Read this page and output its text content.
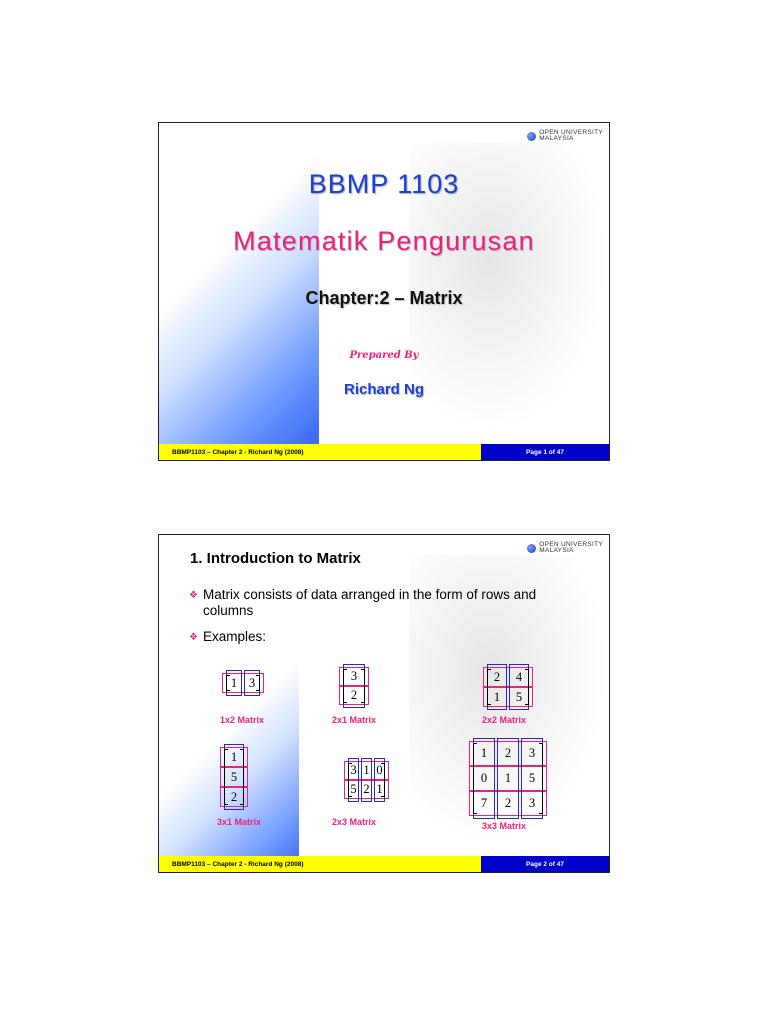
OPEN UNIVERSITY
MALAYSIA
BBMP 1103
Matematik Pengurusan
Chapter:2 – Matrix
Prepared By
Richard Ng
BBMP1103 – Chapter 2 - Richard Ng (2008)	Page 1 of 47
OPEN UNIVERSITY
MALAYSIA
1. Introduction to Matrix
❖ Matrix consists of data arranged in the form of rows and columns
❖ Examples:
1 3
1x2 Matrix
3
2
2x1 Matrix
2	4
1	5
2x2 Matrix
1
5
2
3x1 Matrix
3 1 0
5 2 1
2x3 Matrix
1	2	3
0	1	5
7	2	3
3x3 Matrix
BBMP1103 – Chapter 2 - Richard Ng (2008)	Page 2 of 47
